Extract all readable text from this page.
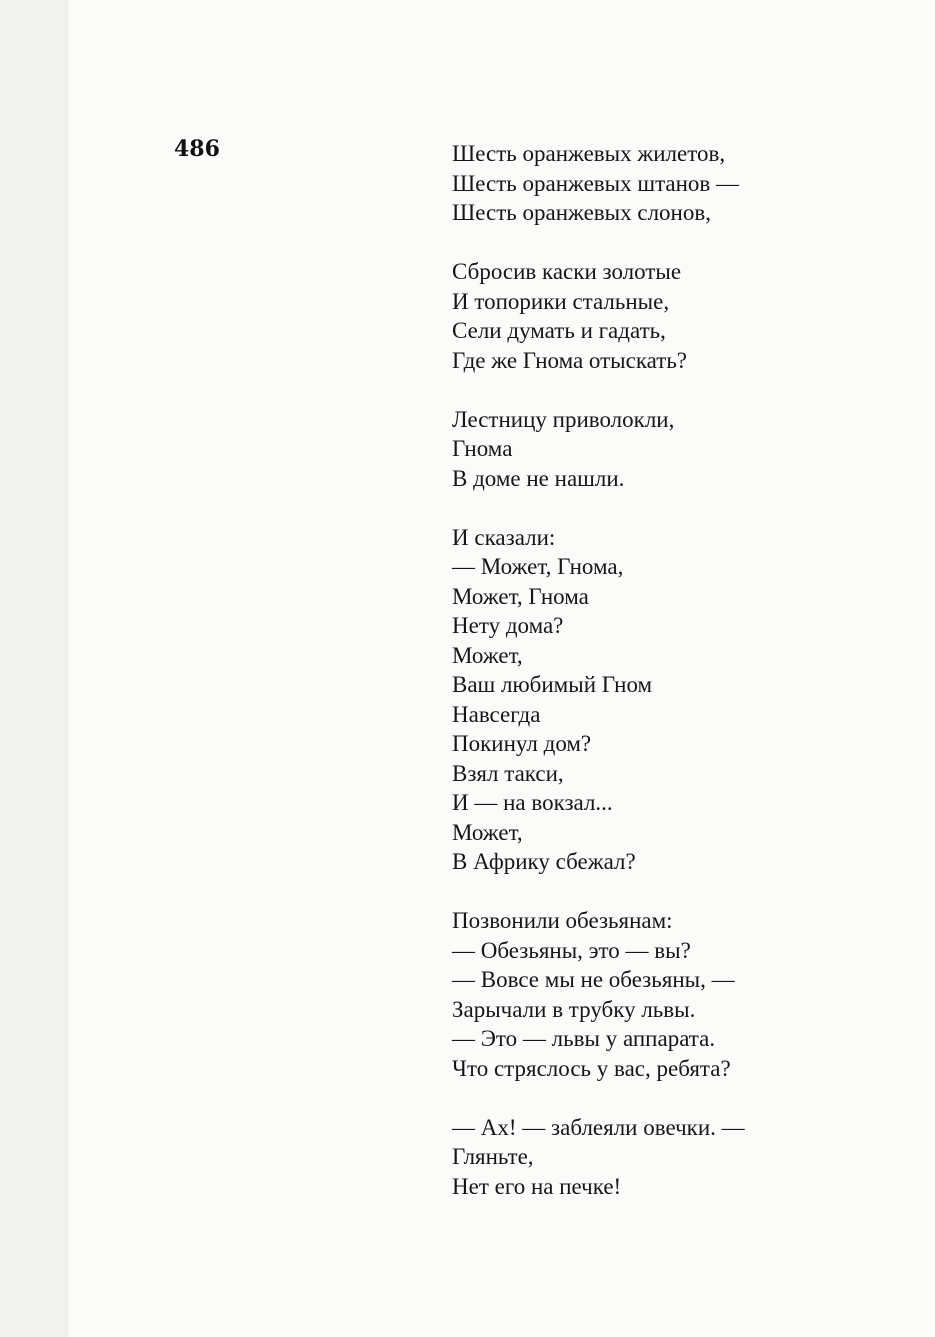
486	Шесть оранжевых жилетов,
Шесть оранжевых штанов —
Шесть оранжевых слонов,
Сбросив каски золотые
И топорики стальные,
Сели думать и гадать,
Где же Гнома отыскать?
Лестницу приволокли,
Гнома
В доме не нашли.
И сказали:
— Может, Гнома,
Может, Гнома
Нету дома?
Может,
Ваш любимый Гном
Навсегда
Покинул дом?
Взял такси,
И — на вокзал...
Может,
В Африку сбежал?
Позвонили обезьянам:
— Обезьяны, это — вы?
— Вовсе мы не обезьяны, —
Зарычали в трубку львы.
— Это — львы у аппарата.
Что стряслось у вас, ребята?
— Ах! — заблеяли овечки. —
Гляньте,
Нет его на печке!
